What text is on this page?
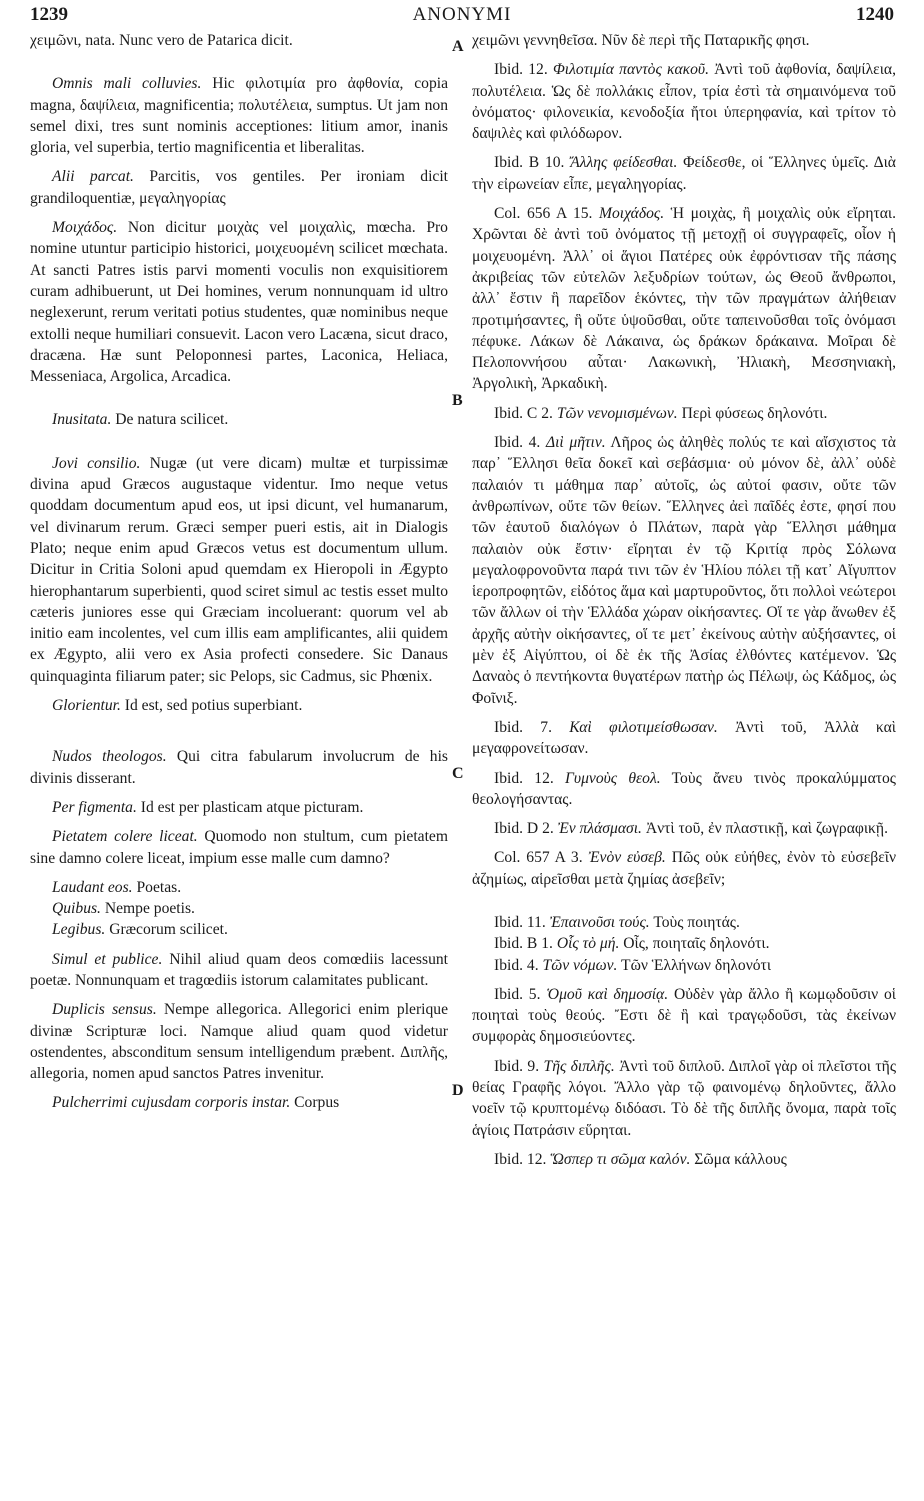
1239	ANONYMI	1240
A
B
C
D

χειμῶνι, nata. Nunc vero de Patarica dicit.

Omnis mali colluvies. Hic φιλοτιμία pro ἀφθονία, copia magna, δαψίλεια, magnificentia; πολυτέλεια, sumptus. Ut jam non semel dixi, tres sunt nominis acceptiones: litium amor, inanis gloria, vel superbia, tertio magnificentia et liberalitas.

Alii parcat. Parcitis, vos gentiles. Per ironiam dicit grandiloquentiæ, μεγαληγορίας

Μοιχάδος. Non dicitur μοιχὰς vel μοιχαλὶς, mœcha. Pro nomine utuntur participio historici, μοιχευομένη scilicet mœchata. At sancti Patres istis parvi momenti voculis non exquisitiorem curam adhibuerunt, ut Dei homines, verum nonnunquam id ultro neglexerunt, rerum veritati potius studentes, quæ nominibus neque extolli neque humiliari consuevit. Lacon vero Lacæna, sicut draco, dracæna. Hæ sunt Peloponnesi partes, Laconica, Heliaca, Messeniaca, Argolica, Arcadica.

Inusitata. De natura scilicet.

Jovi consilio. Nugæ (ut vere dicam) multæ et turpissimæ divina apud Græcos augustaque videntur. Imo neque vetus quoddam documentum apud eos, ut ipsi dicunt, vel humanarum, vel divinarum rerum. Græci semper pueri estis, ait in Dialogis Plato; neque enim apud Græcos vetus est documentum ullum. Dicitur in Critia Soloni apud quemdam ex Hieropoli in Ægypto hierophantarum superbienti, quod sciret simul ac testis esset multo cæteris juniores esse qui Græciam incoluerant: quorum vel ab initio eam incolentes, vel cum illis eam amplificantes, alii quidem ex Ægypto, alii vero ex Asia profecti consedere. Sic Danaus quinquaginta filiarum pater; sic Pelops, sic Cadmus, sic Phœnix.

Glorientur. Id est, sed potius superbiant.

Nudos theologos. Qui citra fabularum involucrum de his divinis disserant.

Per figmenta. Id est per plasticam atque picturam.

Pietatem colere liceat. Quomodo non stultum, cum pietatem sine damno colere liceat, impium esse malle cum damno?

Laudant eos. Poetas.

Quibus. Nempe poetis.

Legibus. Græcorum scilicet.

Simul et publice. Nihil aliud quam deos comœdiis lacessunt poetæ. Nonnunquam et tragœdiis istorum calamitates publicant.

Duplicis sensus. Nempe allegorica. Allegorici enim plerique divinæ Scripturæ loci. Namque aliud quam quod videtur ostendentes, absconditum sensum intelligendum præbent. Διπλῆς, allegoria, nomen apud sanctos Patres invenitur.

Pulcherrimi cujusdam corporis instar. Corpus

χειμῶνι γεννηθεῖσα. Νῦν δὲ περὶ τῆς Παταρικῆς φησι.

Ibid. 12. Φιλοτιμία παντὸς κακοῦ. Ἀντὶ τοῦ ἀφθονία, δαψίλεια, πολυτέλεια. Ὡς δὲ πολλάκις εἶπον, τρία ἐστὶ τὰ σημαινόμενα τοῦ ὀνόματος· φιλονεικία, κενοδοξία ἤτοι ὑπερηφανία, καὶ τρίτον τὸ δαψιλὲς καὶ φιλόδωρον.

Ibid. B 10. Ἄλλης φείδεσθαι. Φείδεσθε, οἱ Ἕλληνες ὑμεῖς. Διὰ τὴν εἰρωνείαν εἶπε, μεγαληγορίας.

Col. 656 A 15. Μοιχάδος. Ἡ μοιχὰς, ἢ μοιχαλὶς οὐκ εἴρηται. Χρῶνται δὲ ἀντὶ τοῦ ὀνόματος τῇ μετοχῇ οἱ συγγραφεῖς, οἷον ἡ μοιχευομένη. Ἀλλ᾽ οἱ ἅγιοι Πατέρες οὐκ ἐφρόντισαν τῆς πάσης ἀκριβείας τῶν εὐτελῶν λεξυδρίων τούτων, ὡς Θεοῦ ἄνθρωποι, ἀλλ᾽ ἔστιν ἣ παρεῖδον ἑκόντες, τὴν τῶν πραγμάτων ἀλήθειαν προτιμήσαντες, ἣ οὔτε ὑψοῦσθαι, οὔτε ταπεινοῦσθαι τοῖς ὀνόμασι πέφυκε. Λάκων δὲ Λάκαινα, ὡς δράκων δράκαινα. Μοῖραι δὲ Πελοποννήσου αὗται· Λακωνικὴ, Ἠλιακὴ, Μεσσηνιακὴ, Ἀργολικὴ, Ἀρκαδικὴ.

Ibid. C 2. Τῶν νενομισμένων. Περὶ φύσεως δηλονότι.

Ibid. 4. Διὶ μῆτιν. Λῆρος ὡς ἀληθὲς πολύς τε καὶ αἴσχιστος τὰ παρ᾽ Ἕλλησι θεῖα δοκεῖ καὶ σεβάσμια· οὐ μόνον δὲ, ἀλλ᾽ οὐδὲ παλαιόν τι μάθημα παρ᾽ αὐτοῖς, ὡς αὐτοί φασιν, οὔτε τῶν ἀνθρωπίνων, οὔτε τῶν θείων. Ἕλληνες ἀεὶ παῖδές ἐστε, φησί που τῶν ἑαυτοῦ διαλόγων ὁ Πλάτων, παρὰ γὰρ Ἕλλησι μάθημα παλαιὸν οὐκ ἔστιν· εἴρηται ἐν τῷ Κριτίᾳ πρὸς Σόλωνα μεγαλοφρονοῦντα παρά τινι τῶν ἐν Ἡλίου πόλει τῇ κατ᾽ Αἴγυπτον ἱεροπροφητῶν, εἰδότος ἅμα καὶ μαρτυροῦντος, ὅτι πολλοὶ νεώτεροι τῶν ἄλλων οἱ τὴν Ἑλλάδα χώραν οἰκήσαντες. Οἵ τε γὰρ ἄνωθεν ἐξ ἀρχῆς αὐτὴν οἰκήσαντες, οἵ τε μετ᾽ ἐκείνους αὐτὴν αὐξήσαντες, οἱ μὲν ἐξ Αἰγύπτου, οἱ δὲ ἐκ τῆς Ἀσίας ἐλθόντες κατέμενον. Ὡς Δαναὸς ὁ πεντήκοντα θυγατέρων πατὴρ ὡς Πέλωψ, ὡς Κάδμος, ὡς Φοῖνιξ.

Ibid. 7. Καὶ φιλοτιμείσθωσαν. Ἀντὶ τοῦ, Ἀλλὰ καὶ μεγαφρονείτωσαν.

Ibid. 12. Γυμνοὺς θεολ. Τοὺς ἄνευ τινὸς προκαλύμματος θεολογήσαντας.

Ibid. D 2. Ἐν πλάσμασι. Ἀντὶ τοῦ, ἐν πλαστικῇ, καὶ ζωγραφικῇ.

Col. 657 A 3. Ἐνὸν εὐσεβ. Πῶς οὐκ εὐήθες, ἐνὸν τὸ εὐσεβεῖν ἀζημίως, αἱρεῖσθαι μετὰ ζημίας ἀσεβεῖν;

Ibid. 11. Ἐπαινοῦσι τούς. Τοὺς ποιητάς.

Ibid. B 1. Οἷς τὸ μή. Οἷς, ποιηταῖς δηλονότι.

Ibid. 4. Τῶν νόμων. Τῶν Ἑλλήνων δηλονότι

Ibid. 5. Ὁμοῦ καὶ δημοσίᾳ. Οὐδὲν γὰρ ἄλλο ἢ κωμῳδοῦσιν οἱ ποιηταὶ τοὺς θεούς. Ἔστι δὲ ἣ καὶ τραγῳδοῦσι, τὰς ἐκείνων συμφορὰς δημοσιεύοντες.

Ibid. 9. Τῆς διπλῆς. Ἀντὶ τοῦ διπλοῦ. Διπλοῖ γὰρ οἱ πλεῖστοι τῆς θείας Γραφῆς λόγοι. Ἄλλο γὰρ τῷ φαινομένῳ δηλοῦντες, ἄλλο νοεῖν τῷ κρυπτομένῳ διδόασι. Τὸ δὲ τῆς διπλῆς ὄνομα, παρὰ τοῖς ἁγίοις Πατράσιν εὕρηται.

Ibid. 12. Ὥσπερ τι σῶμα καλόν. Σῶμα κάλλους
